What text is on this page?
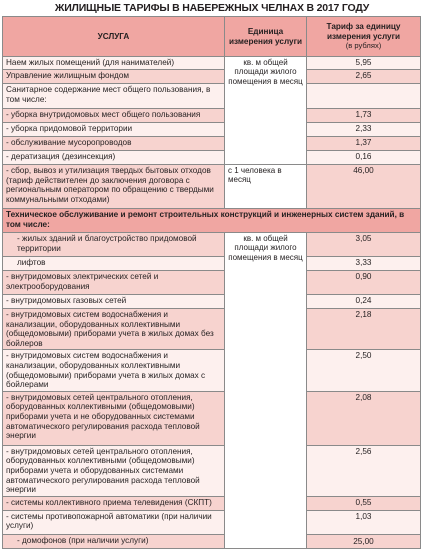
ЖИЛИЩНЫЕ ТАРИФЫ В НАБЕРЕЖНЫХ ЧЕЛНАХ В 2017 ГОДУ
УСЛУГА	Единица измерения услуги	Тариф за единицу измерения услуги
(в рублях)

Наем жилых помещений (для нанимателей)	кв. м общей площади жилого помещения в месяц	5,95
Управление жилищным фондом		2,65
Санитарное содержание мест общего пользования, в том числе:		
- уборка внутридомовых мест общего пользования		1,73
- уборка придомовой территории		2,33
- обслуживание мусоропроводов		1,37
- дератизация (дезинсекция)		0,16
- сбор, вывоз и утилизация твердых бытовых отходов (тариф действителен до заключения договора с региональным оператором по обращению с твердыми коммунальными отходами)	с 1 человека в месяц	46,00
Техническое обслуживание и ремонт строительных конструкций и инженерных систем зданий, в том числе:		
- жилых зданий и благоустройство придомовой территории	кв. м общей площади жилого помещения в месяц	3,05
лифтов		3,33
- внутридомовых электрических сетей и электрооборудования		0,90
- внутридомовых газовых сетей		0,24
- внутридомовых систем водоснабжения и канализации, оборудованных коллективными (общедомовыми) приборами учета в жилых домах без бойлеров		2,18
- внутридомовых систем водоснабжения и канализации, оборудованных коллективными (общедомовыми) приборами учета в жилых домах с бойлерами		2,50
- внутридомовых сетей центрального отопления, оборудованных коллективными (общедомовыми) приборами учета и не оборудованных системами автоматического регулирования расхода тепловой энергии		2,08
- внутридомовых сетей центрального отопления, оборудованных коллективными (общедомовыми) приборами учета и оборудованных системами автоматического регулирования расхода тепловой энергии		2,56
- системы коллективного приема телевидения (СКПТ)		0,55
- системы противопожарной автоматики (при наличии услуги)		1,03
- домофонов (при наличии услуги)		25,00
